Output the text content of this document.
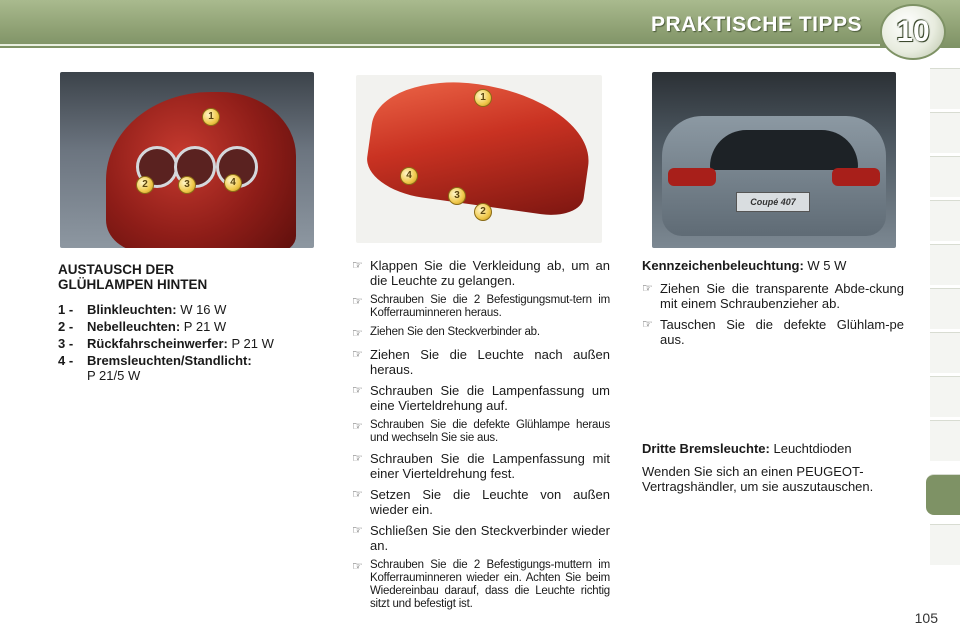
PRAKTISCHE TIPPS 10
1
2	3	4
1
4
3
2
Coupé 407
AUSTAUSCH DER
GLÜHLAMPEN HINTEN
1 -	Blinkleuchten: W 16 W
2 -	Nebelleuchten: P 21 W
3 -	Rückfahrscheinwerfer: P 21 W
4 -	Bremsleuchten/Standlicht:
P 21/5 W
☞ Klappen Sie die Verkleidung ab, um an die Leuchte zu gelangen.
☞ Schrauben Sie die 2 Befestigungsmut-tern im Kofferrauminneren heraus.
☞ Ziehen Sie den Steckverbinder ab.
☞ Ziehen Sie die Leuchte nach außen heraus.
☞ Schrauben Sie die Lampenfassung um eine Vierteldrehung auf.
☞ Schrauben Sie die defekte Glühlampe heraus und wechseln Sie sie aus.
☞ Schrauben Sie die Lampenfassung mit einer Vierteldrehung fest.
☞ Setzen Sie die Leuchte von außen wieder ein.
☞ Schließen Sie den Steckverbinder wieder an.
☞ Schrauben Sie die 2 Befestigungs-muttern im Kofferrauminneren wieder ein. Achten Sie beim Wiedereinbau darauf, dass die Leuchte richtig sitzt und befestigt ist.
Kennzeichenbeleuchtung: W 5 W
☞ Ziehen Sie die transparente Abde-ckung mit einem Schraubenzieher ab.
☞ Tauschen Sie die defekte Glühlam-pe aus.
Dritte Bremsleuchte: Leuchtdioden
Wenden Sie sich an einen PEUGEOT-Vertragshändler, um sie auszutauschen.
105
